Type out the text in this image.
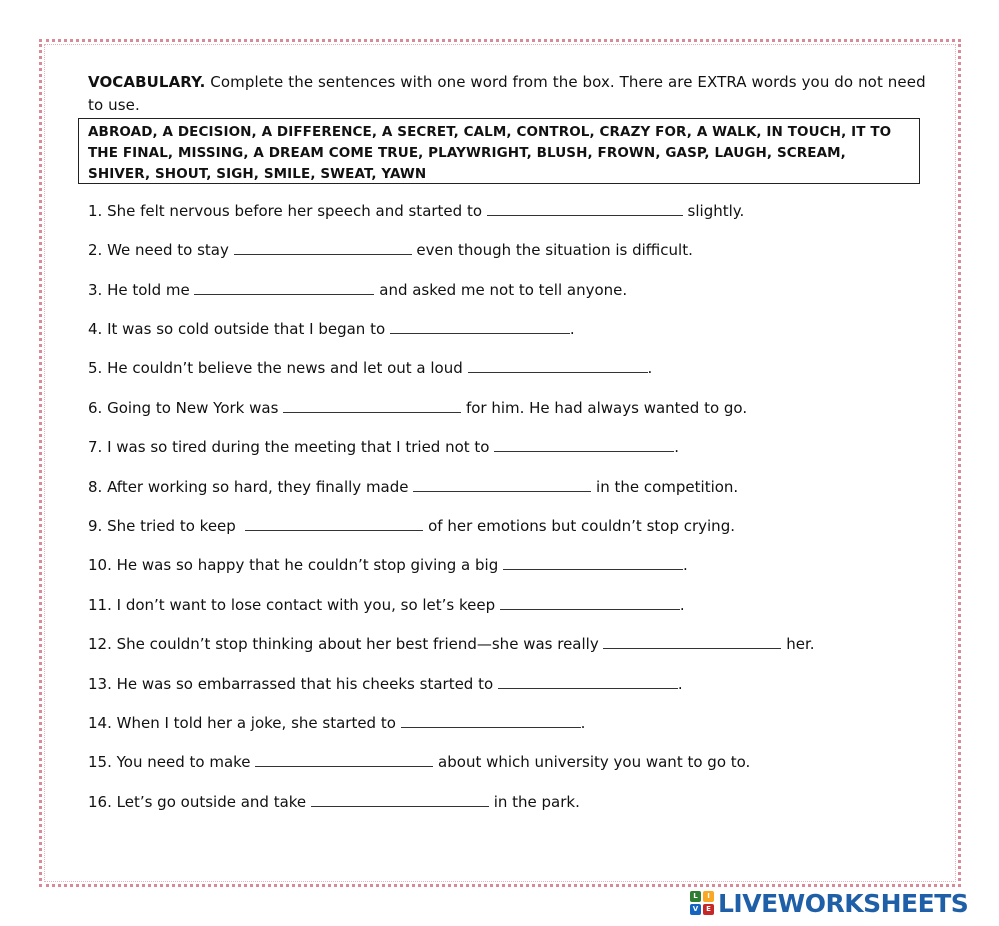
VOCABULARY. Complete the sentences with one word from the box. There are EXTRA words you do not need to use.
ABROAD, A DECISION, A DIFFERENCE, A SECRET, CALM, CONTROL, CRAZY FOR, A WALK, IN TOUCH, IT TO THE FINAL, MISSING, A DREAM COME TRUE, PLAYWRIGHT, BLUSH, FROWN, GASP, LAUGH, SCREAM, SHIVER, SHOUT, SIGH, SMILE, SWEAT, YAWN
1. She felt nervous before her speech and started to	slightly.
2. We need to stay	even though the situation is difficult.
3. He told me	and asked me not to tell anyone.
4. It was so cold outside that I began to	.
5. He couldn’t believe the news and let out a loud	.
6. Going to New York was	for him. He had always wanted to go.
7. I was so tired during the meeting that I tried not to	.
8. After working so hard, they finally made	in the competition.
9. She tried to keep	of her emotions but couldn’t stop crying.
10. He was so happy that he couldn’t stop giving a big	.
11. I don’t want to lose contact with you, so let’s keep	.
12. She couldn’t stop thinking about her best friend—she was really	her.
13. He was so embarrassed that his cheeks started to	.
14. When I told her a joke, she started to	.
15. You need to make	about which university you want to go to.
16. Let’s go outside and take	in the park.
L	I
V	E LIVEWORKSHEETS
